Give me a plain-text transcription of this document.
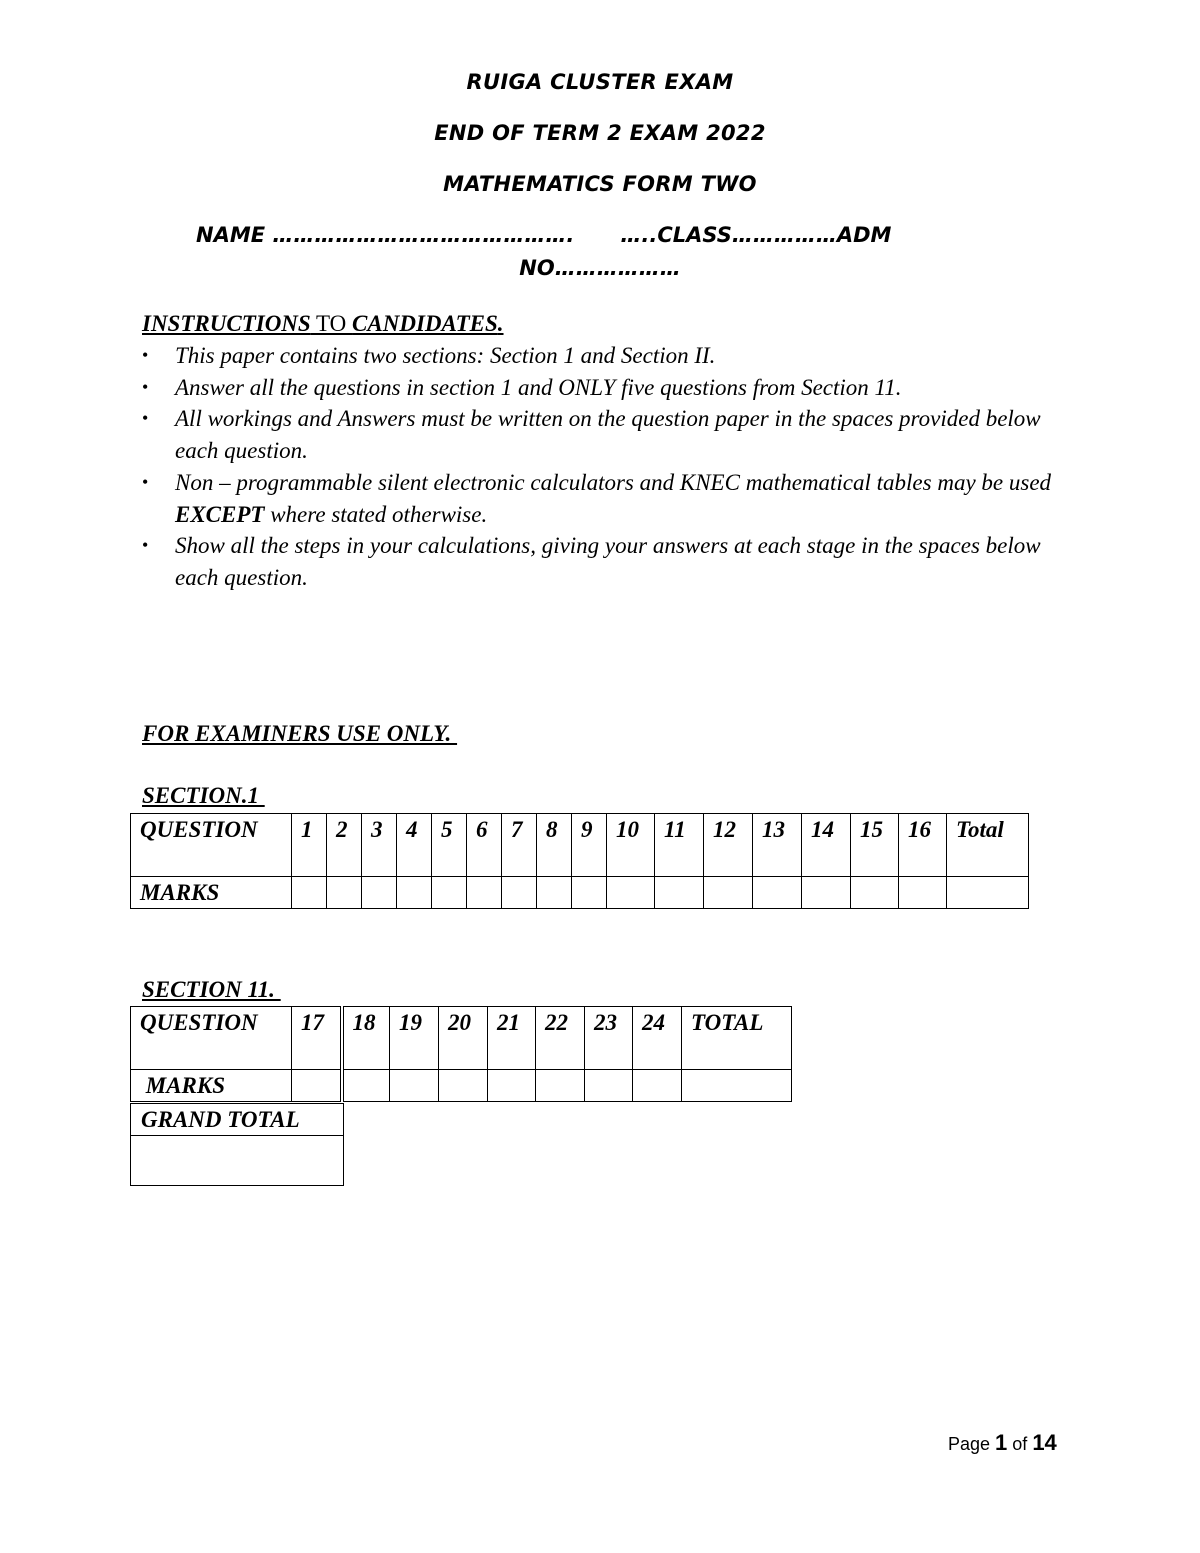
RUIGA CLUSTER EXAM
END OF TERM 2 EXAM 2022
MATHEMATICS FORM TWO
NAME ……………………………………. …..CLASS……………ADM
NO………………
INSTRUCTIONS TO CANDIDATES.
• This paper contains two sections: Section 1 and Section II.
• Answer all the questions in section 1 and ONLY five questions from Section 11.
• All workings and Answers must be written on the question paper in the spaces provided below each question.
• Non – programmable silent electronic calculators and KNEC mathematical tables may be used EXCEPT where stated otherwise.
• Show all the steps in your calculations, giving your answers at each stage in the spaces below each question.
FOR EXAMINERS USE ONLY.
SECTION.1
QUESTION	1	2	3	4	5	6	7	8	9	10	11	12	13	14	15	16	Total
MARKS																	
SECTION 11.
QUESTION	17	18	19	20	21	22	23	24	TOTAL
MARKS									
GRAND TOTAL
Page 1 of 14
